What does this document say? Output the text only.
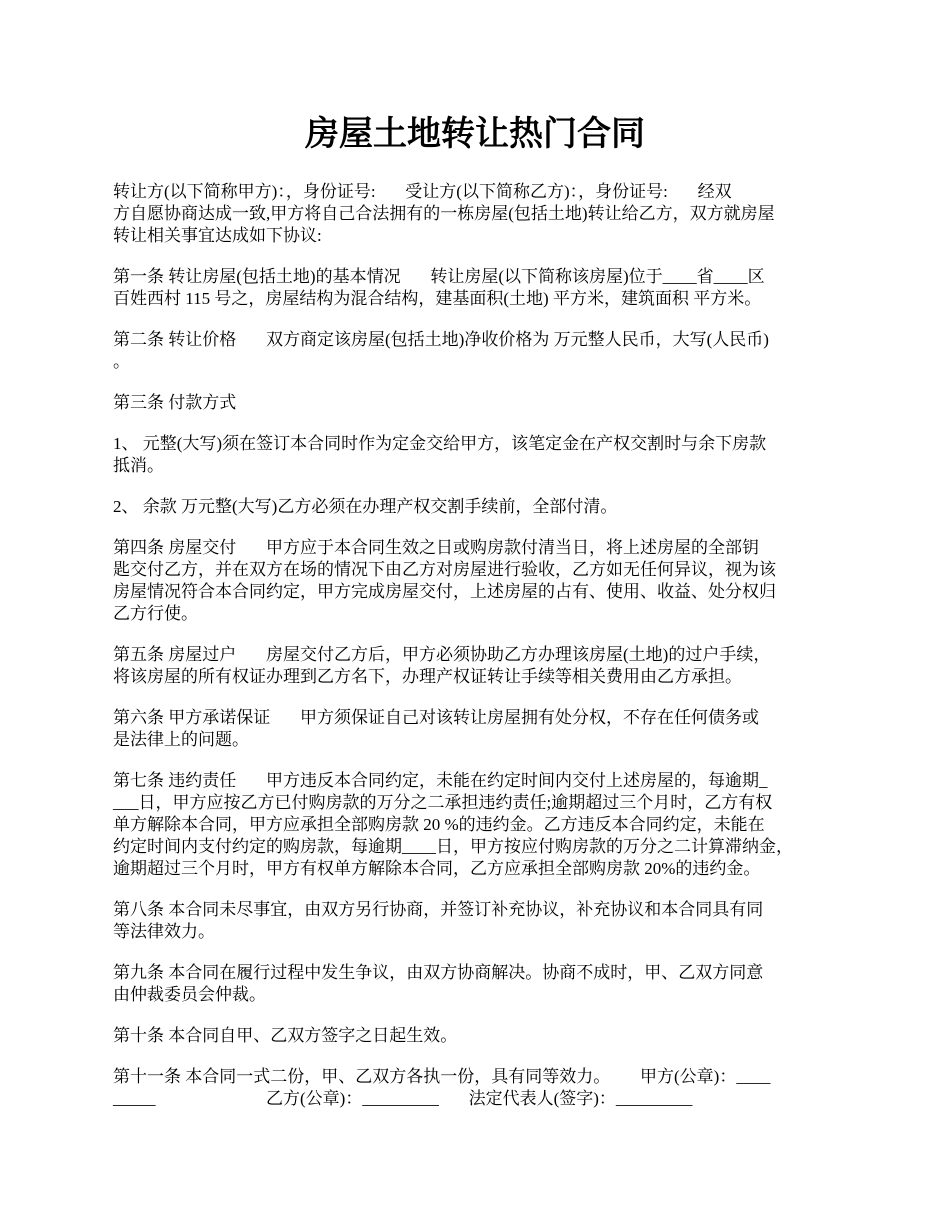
房屋土地转让热门合同
转让方(以下简称甲方)：，身份证号:       受让方(以下简称乙方)：，身份证号:       经双
方自愿协商达成一致,甲方将自己合法拥有的一栋房屋(包括土地)转让给乙方，双方就房屋
转让相关事宜达成如下协议:
第一条 转让房屋(包括土地)的基本情况       转让房屋(以下简称该房屋)位于____省____区
百姓西村 115 号之，房屋结构为混合结构，建基面积(土地) 平方米，建筑面积 平方米。
第二条 转让价格       双方商定该房屋(包括土地)净收价格为 万元整人民币，大写(人民币)
。
第三条 付款方式
1、 元整(大写)须在签订本合同时作为定金交给甲方，该笔定金在产权交割时与余下房款
抵消。
2、 余款 万元整(大写)乙方必须在办理产权交割手续前，全部付清。
第四条 房屋交付       甲方应于本合同生效之日或购房款付清当日，将上述房屋的全部钥
匙交付乙方，并在双方在场的情况下由乙方对房屋进行验收，乙方如无任何异议，视为该
房屋情况符合本合同约定，甲方完成房屋交付，上述房屋的占有、使用、收益、处分权归
乙方行使。
第五条 房屋过户       房屋交付乙方后，甲方必须协助乙方办理该房屋(土地)的过户手续，
将该房屋的所有权证办理到乙方名下，办理产权证转让手续等相关费用由乙方承担。
第六条 甲方承诺保证       甲方须保证自己对该转让房屋拥有处分权，不存在任何债务或
是法律上的问题。
第七条 违约责任       甲方违反本合同约定，未能在约定时间内交付上述房屋的，每逾期_
___日，甲方应按乙方已付购房款的万分之二承担违约责任;逾期超过三个月时，乙方有权
单方解除本合同，甲方应承担全部购房款 20 %的违约金。乙方违反本合同约定，未能在
约定时间内支付约定的购房款，每逾期____日，甲方按应付购房款的万分之二计算滞纳金，
逾期超过三个月时，甲方有权单方解除本合同，乙方应承担全部购房款 20%的违约金。
第八条 本合同未尽事宜，由双方另行协商，并签订补充协议，补充协议和本合同具有同
等法律效力。
第九条 本合同在履行过程中发生争议，由双方协商解决。协商不成时，甲、乙双方同意
由仲裁委员会仲裁。
第十条 本合同自甲、乙双方签字之日起生效。
第十一条 本合同一式二份，甲、乙双方各执一份，具有同等效力。       甲方(公章)：____
_____                          乙方(公章)：_________       法定代表人(签字)：_________
